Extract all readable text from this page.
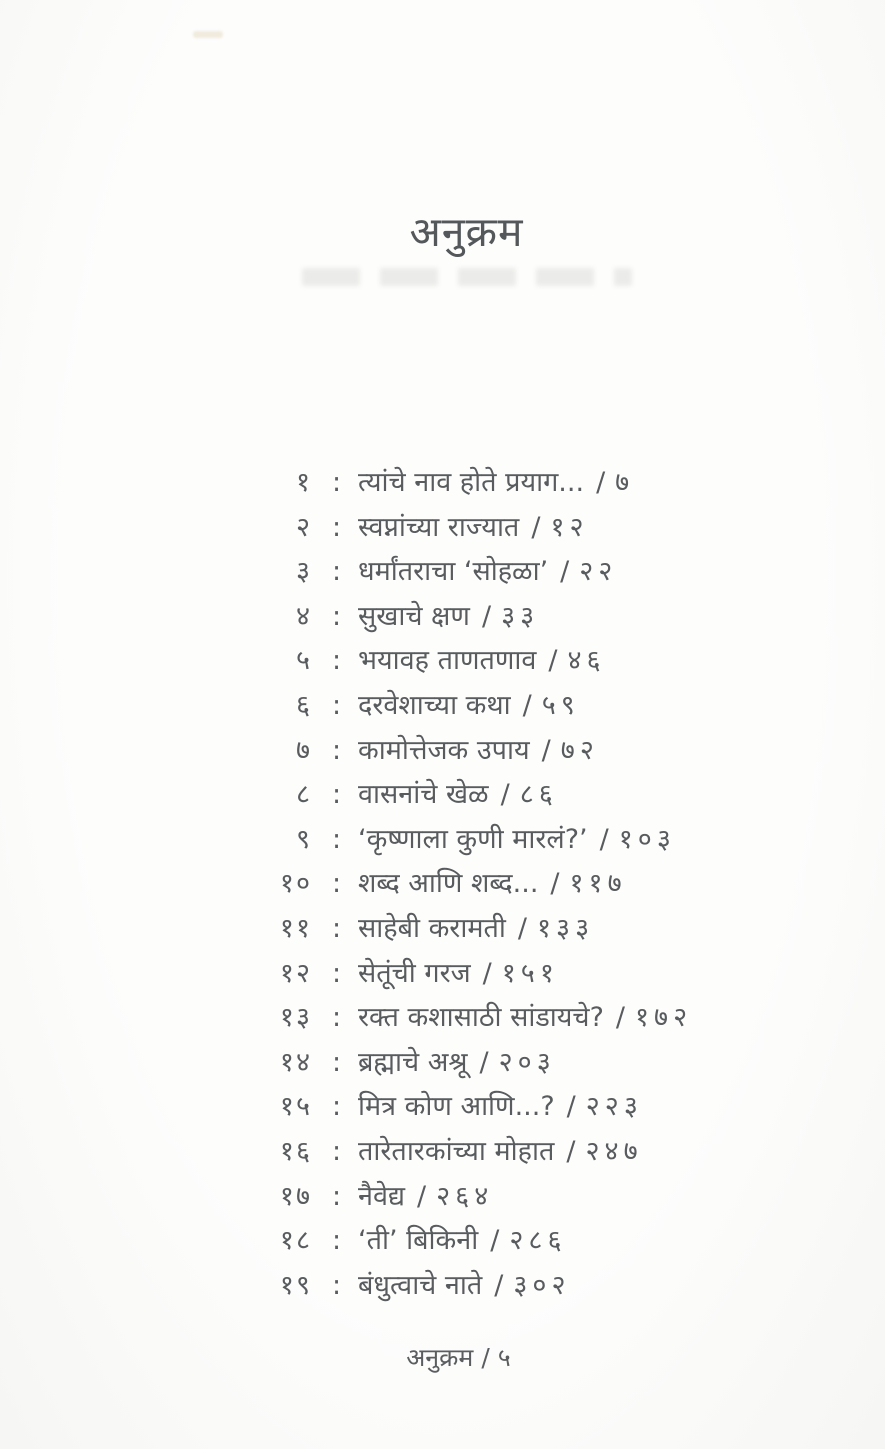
अनुक्रम
१ : त्यांचे नाव होते प्रयाग... / ७
२ : स्वप्नांच्या राज्यात / १२
३ : धर्मांतराचा ‘सोहळा’ / २२
४ : सुखाचे क्षण / ३३
५ : भयावह ताणतणाव / ४६
६ : दरवेशाच्या कथा / ५९
७ : कामोत्तेजक उपाय / ७२
८ : वासनांचे खेळ / ८६
९ : ‘कृष्णाला कुणी मारलं?’ / १०३
१० : शब्द आणि शब्द... / ११७
११ : साहेबी करामती / १३३
१२ : सेतूंची गरज / १५१
१३ : रक्त कशासाठी सांडायचे? / १७२
१४ : ब्रह्माचे अश्रू / २०३
१५ : मित्र कोण आणि...? / २२३
१६ : तारेतारकांच्या मोहात / २४७
१७ : नैवेद्य / २६४
१८ : ‘ती’ बिकिनी / २८६
१९ : बंधुत्वाचे नाते / ३०२
अनुक्रम / ५
